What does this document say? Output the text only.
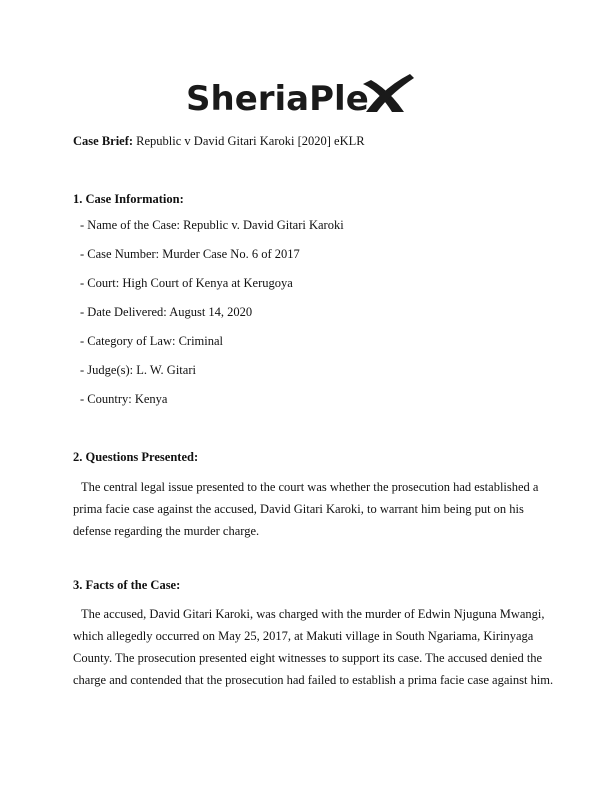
SheriaPle
Case Brief: Republic v David Gitari Karoki [2020] eKLR
1. Case Information:
- Name of the Case: Republic v. David Gitari Karoki
- Case Number: Murder Case No. 6 of 2017
- Court: High Court of Kenya at Kerugoya
- Date Delivered: August 14, 2020
- Category of Law: Criminal
- Judge(s): L. W. Gitari
- Country: Kenya
2. Questions Presented:
The central legal issue presented to the court was whether the prosecution had established a
prima facie case against the accused, David Gitari Karoki, to warrant him being put on his
defense regarding the murder charge.
3. Facts of the Case:
The accused, David Gitari Karoki, was charged with the murder of Edwin Njuguna Mwangi,
which allegedly occurred on May 25, 2017, at Makuti village in South Ngariama, Kirinyaga
County. The prosecution presented eight witnesses to support its case. The accused denied the
charge and contended that the prosecution had failed to establish a prima facie case against him.
